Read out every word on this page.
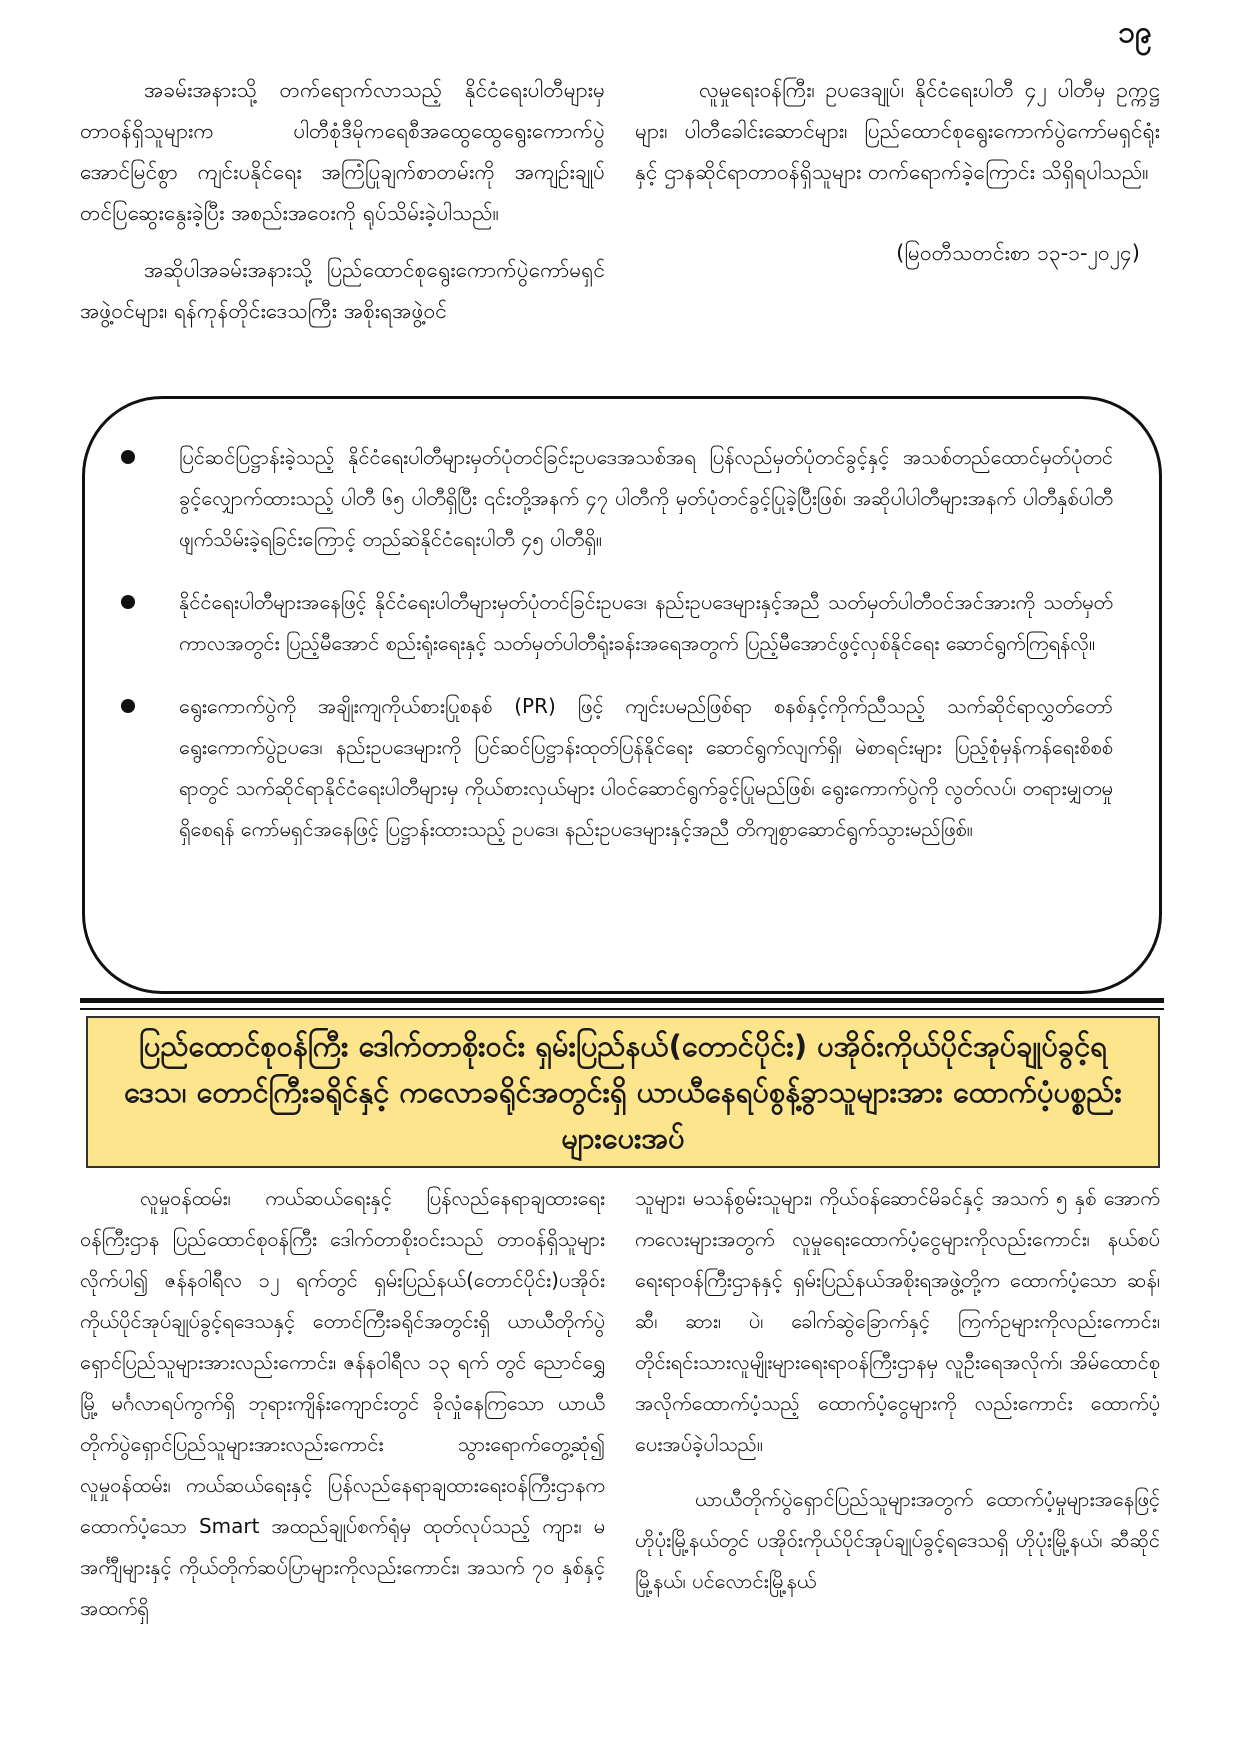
၁၉

အခမ်းအနားသို့ တက်ရောက်လာသည့် နိုင်ငံရေးပါတီများမှ တာဝန်ရှိသူများက ပါတီစုံဒီမိုကရေစီအထွေထွေရွေးကောက်ပွဲအောင်မြင်စွာ ကျင်းပနိုင်ရေး အကြံပြုချက်စာတမ်းကို အကျဉ်းချုပ်တင်ပြဆွေးနွေးခဲ့ပြီး အစည်းအဝေးကို ရုပ်သိမ်းခဲ့ပါသည်။

အဆိုပါအခမ်းအနားသို့ ပြည်ထောင်စုရွေးကောက်ပွဲကော်မရှင်အဖွဲ့ဝင်များ၊ ရန်ကုန်တိုင်းဒေသကြီး အစိုးရအဖွဲ့ဝင်

လူမှုရေးဝန်ကြီး၊ ဥပဒေချုပ်၊ နိုင်ငံရေးပါတီ ၄၂ ပါတီမှ ဥက္ကဋ္ဌများ၊ ပါတီခေါင်းဆောင်များ၊ ပြည်ထောင်စုရွေးကောက်ပွဲကော်မရှင်ရုံးနှင့် ဌာနဆိုင်ရာတာဝန်ရှိသူများ တက်ရောက်ခဲ့ကြောင်း သိရှိရပါသည်။

(မြဝတီသတင်းစာ ၁၃-၁-၂၀၂၄)
ပြင်ဆင်ပြဋ္ဌာန်းခဲ့သည့် နိုင်ငံရေးပါတီများမှတ်ပုံတင်ခြင်းဥပဒေအသစ်အရ ပြန်လည်မှတ်ပုံတင်ခွင့်နှင့် အသစ်တည်ထောင်မှတ်ပုံတင်ခွင့်လျှောက်ထားသည့် ပါတီ ၆၅ ပါတီရှိပြီး ၎င်းတို့အနက် ၄၇ ပါတီကို မှတ်ပုံတင်ခွင့်ပြုခဲ့ပြီးဖြစ်၊ အဆိုပါပါတီများအနက် ပါတီနှစ်ပါတီ ဖျက်သိမ်းခဲ့ရခြင်းကြောင့် တည်ဆဲနိုင်ငံရေးပါတီ ၄၅ ပါတီရှိ။
နိုင်ငံရေးပါတီများအနေဖြင့် နိုင်ငံရေးပါတီများမှတ်ပုံတင်ခြင်းဥပဒေ၊ နည်းဥပဒေများနှင့်အညီ သတ်မှတ်ပါတီဝင်အင်အားကို သတ်မှတ်ကာလအတွင်း ပြည့်မီအောင် စည်းရုံးရေးနှင့် သတ်မှတ်ပါတီရုံးခန်းအရေအတွက် ပြည့်မီအောင်ဖွင့်လှစ်နိုင်ရေး ဆောင်ရွက်ကြရန်လို။
ရွေးကောက်ပွဲကို အချိုးကျကိုယ်စားပြုစနစ် (PR) ဖြင့် ကျင်းပမည်ဖြစ်ရာ စနစ်နှင့်ကိုက်ညီသည့် သက်ဆိုင်ရာလွှတ်တော်ရွေးကောက်ပွဲဥပဒေ၊ နည်းဥပဒေများကို ပြင်ဆင်ပြဋ္ဌာန်းထုတ်ပြန်နိုင်ရေး ဆောင်ရွက်လျက်ရှိ၊ မဲစာရင်းများ ပြည့်စုံမှန်ကန်ရေးစိစစ်ရာတွင် သက်ဆိုင်ရာနိုင်ငံရေးပါတီများမှ ကိုယ်စားလှယ်များ ပါဝင်ဆောင်ရွက်ခွင့်ပြုမည်ဖြစ်၊ ရွေးကောက်ပွဲကို လွတ်လပ်၊ တရားမျှတမှုရှိစေရန် ကော်မရှင်အနေဖြင့် ပြဋ္ဌာန်းထားသည့် ဥပဒေ၊ နည်းဥပဒေများနှင့်အညီ တိကျစွာဆောင်ရွက်သွားမည်ဖြစ်။
ပြည်ထောင်စုဝန်ကြီး ဒေါက်တာစိုးဝင်း ရှမ်းပြည်နယ်(တောင်ပိုင်း) ပအိုဝ်းကိုယ်ပိုင်အုပ်ချုပ်ခွင့်ရဒေသ၊ တောင်ကြီးခရိုင်နှင့် ကလောခရိုင်အတွင်းရှိ ယာယီနေရပ်စွန့်ခွာသူများအား ထောက်ပံ့ပစ္စည်းများပေးအပ်

လူမှုဝန်ထမ်း၊ ကယ်ဆယ်ရေးနှင့် ပြန်လည်နေရာချထားရေးဝန်ကြီးဌာန ပြည်ထောင်စုဝန်ကြီး ဒေါက်တာစိုးဝင်းသည် တာဝန်ရှိသူများလိုက်ပါ၍ ဇန်နဝါရီလ ၁၂ ရက်တွင် ရှမ်းပြည်နယ်(တောင်ပိုင်း)ပအိုဝ်းကိုယ်ပိုင်အုပ်ချုပ်ခွင့်ရဒေသနှင့် တောင်ကြီးခရိုင်အတွင်းရှိ ယာယီတိုက်ပွဲရှောင်ပြည်သူများအားလည်းကောင်း၊ ဇန်နဝါရီလ ၁၃ ရက် တွင် ညောင်ရွှေမြို့ မင်္ဂလာရပ်ကွက်ရှိ ဘုရားကျိန်းကျောင်းတွင် ခိုလှုံနေကြသော ယာယီတိုက်ပွဲရှောင်ပြည်သူများအားလည်းကောင်း သွားရောက်တွေ့ဆုံ၍ လူမှုဝန်ထမ်း၊ ကယ်ဆယ်ရေးနှင့် ပြန်လည်နေရာချထားရေးဝန်ကြီးဌာနက ထောက်ပံ့သော Smart အထည်ချုပ်စက်ရုံမှ ထုတ်လုပ်သည့် ကျား၊ မ အင်္ကျီများနှင့် ကိုယ်တိုက်ဆပ်ပြာများကိုလည်းကောင်း၊ အသက် ၇၀ နှစ်နှင့် အထက်ရှိ

သူများ၊ မသန်စွမ်းသူများ၊ ကိုယ်ဝန်ဆောင်မိခင်နှင့် အသက် ၅ နှစ် အောက်ကလေးများအတွက် လူမှုရေးထောက်ပံ့ငွေများကိုလည်းကောင်း၊ နယ်စပ်ရေးရာဝန်ကြီးဌာနနှင့် ရှမ်းပြည်နယ်အစိုးရအဖွဲ့တို့က ထောက်ပံ့သော ဆန်၊ ဆီ၊ ဆား၊ ပဲ၊ ခေါက်ဆွဲခြောက်နှင့် ကြက်ဥများကိုလည်းကောင်း၊ တိုင်းရင်းသားလူမျိုးများရေးရာဝန်ကြီးဌာနမှ လူဦးရေအလိုက်၊ အိမ်ထောင်စုအလိုက်ထောက်ပံ့သည့် ထောက်ပံ့ငွေများကို လည်းကောင်း ထောက်ပံ့ပေးအပ်ခဲ့ပါသည်။

ယာယီတိုက်ပွဲရှောင်ပြည်သူများအတွက် ထောက်ပံ့မှုများအနေဖြင့် ဟိုပုံးမြို့နယ်တွင် ပအိုဝ်းကိုယ်ပိုင်အုပ်ချုပ်ခွင့်ရဒေသရှိ ဟိုပုံးမြို့နယ်၊ ဆီဆိုင်မြို့နယ်၊ ပင်လောင်းမြို့နယ်
